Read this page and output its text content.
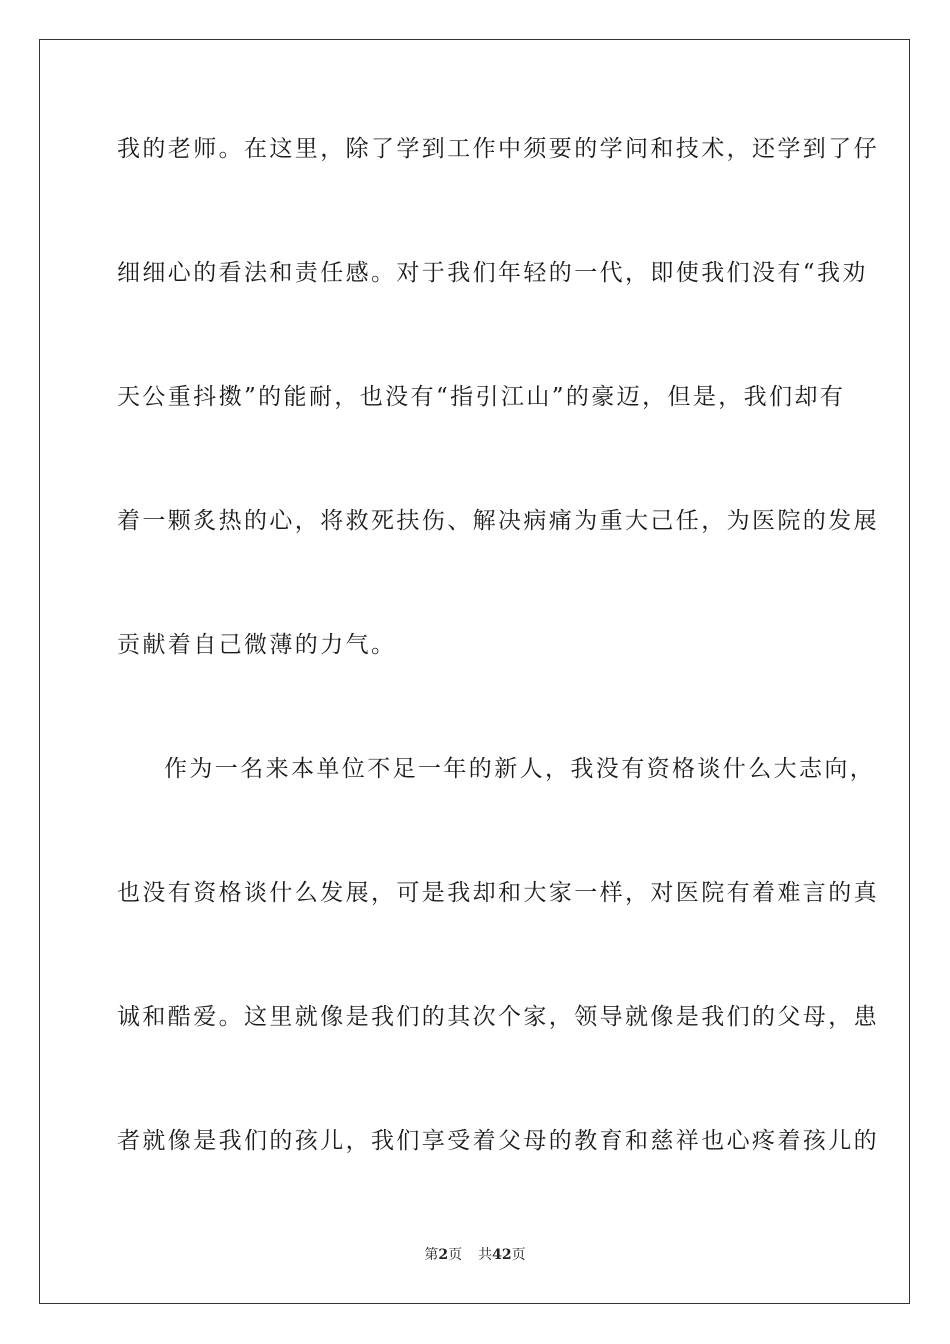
我的老师。在这里，除了学到工作中须要的学问和技术，还学到了仔
细细心的看法和责任感。对于我们年轻的一代，即使我们没有“我劝
天公重抖擞”的能耐，也没有“指引江山”的豪迈，但是，我们却有
着一颗炙热的心，将救死扶伤、解决病痛为重大己任，为医院的发展
贡献着自己微薄的力气。
作为一名来本单位不足一年的新人，我没有资格谈什么大志向，
也没有资格谈什么发展，可是我却和大家一样，对医院有着难言的真
诚和酷爱。这里就像是我们的其次个家，领导就像是我们的父母，患
者就像是我们的孩儿，我们享受着父母的教育和慈祥也心疼着孩儿的
第2页 共42页
